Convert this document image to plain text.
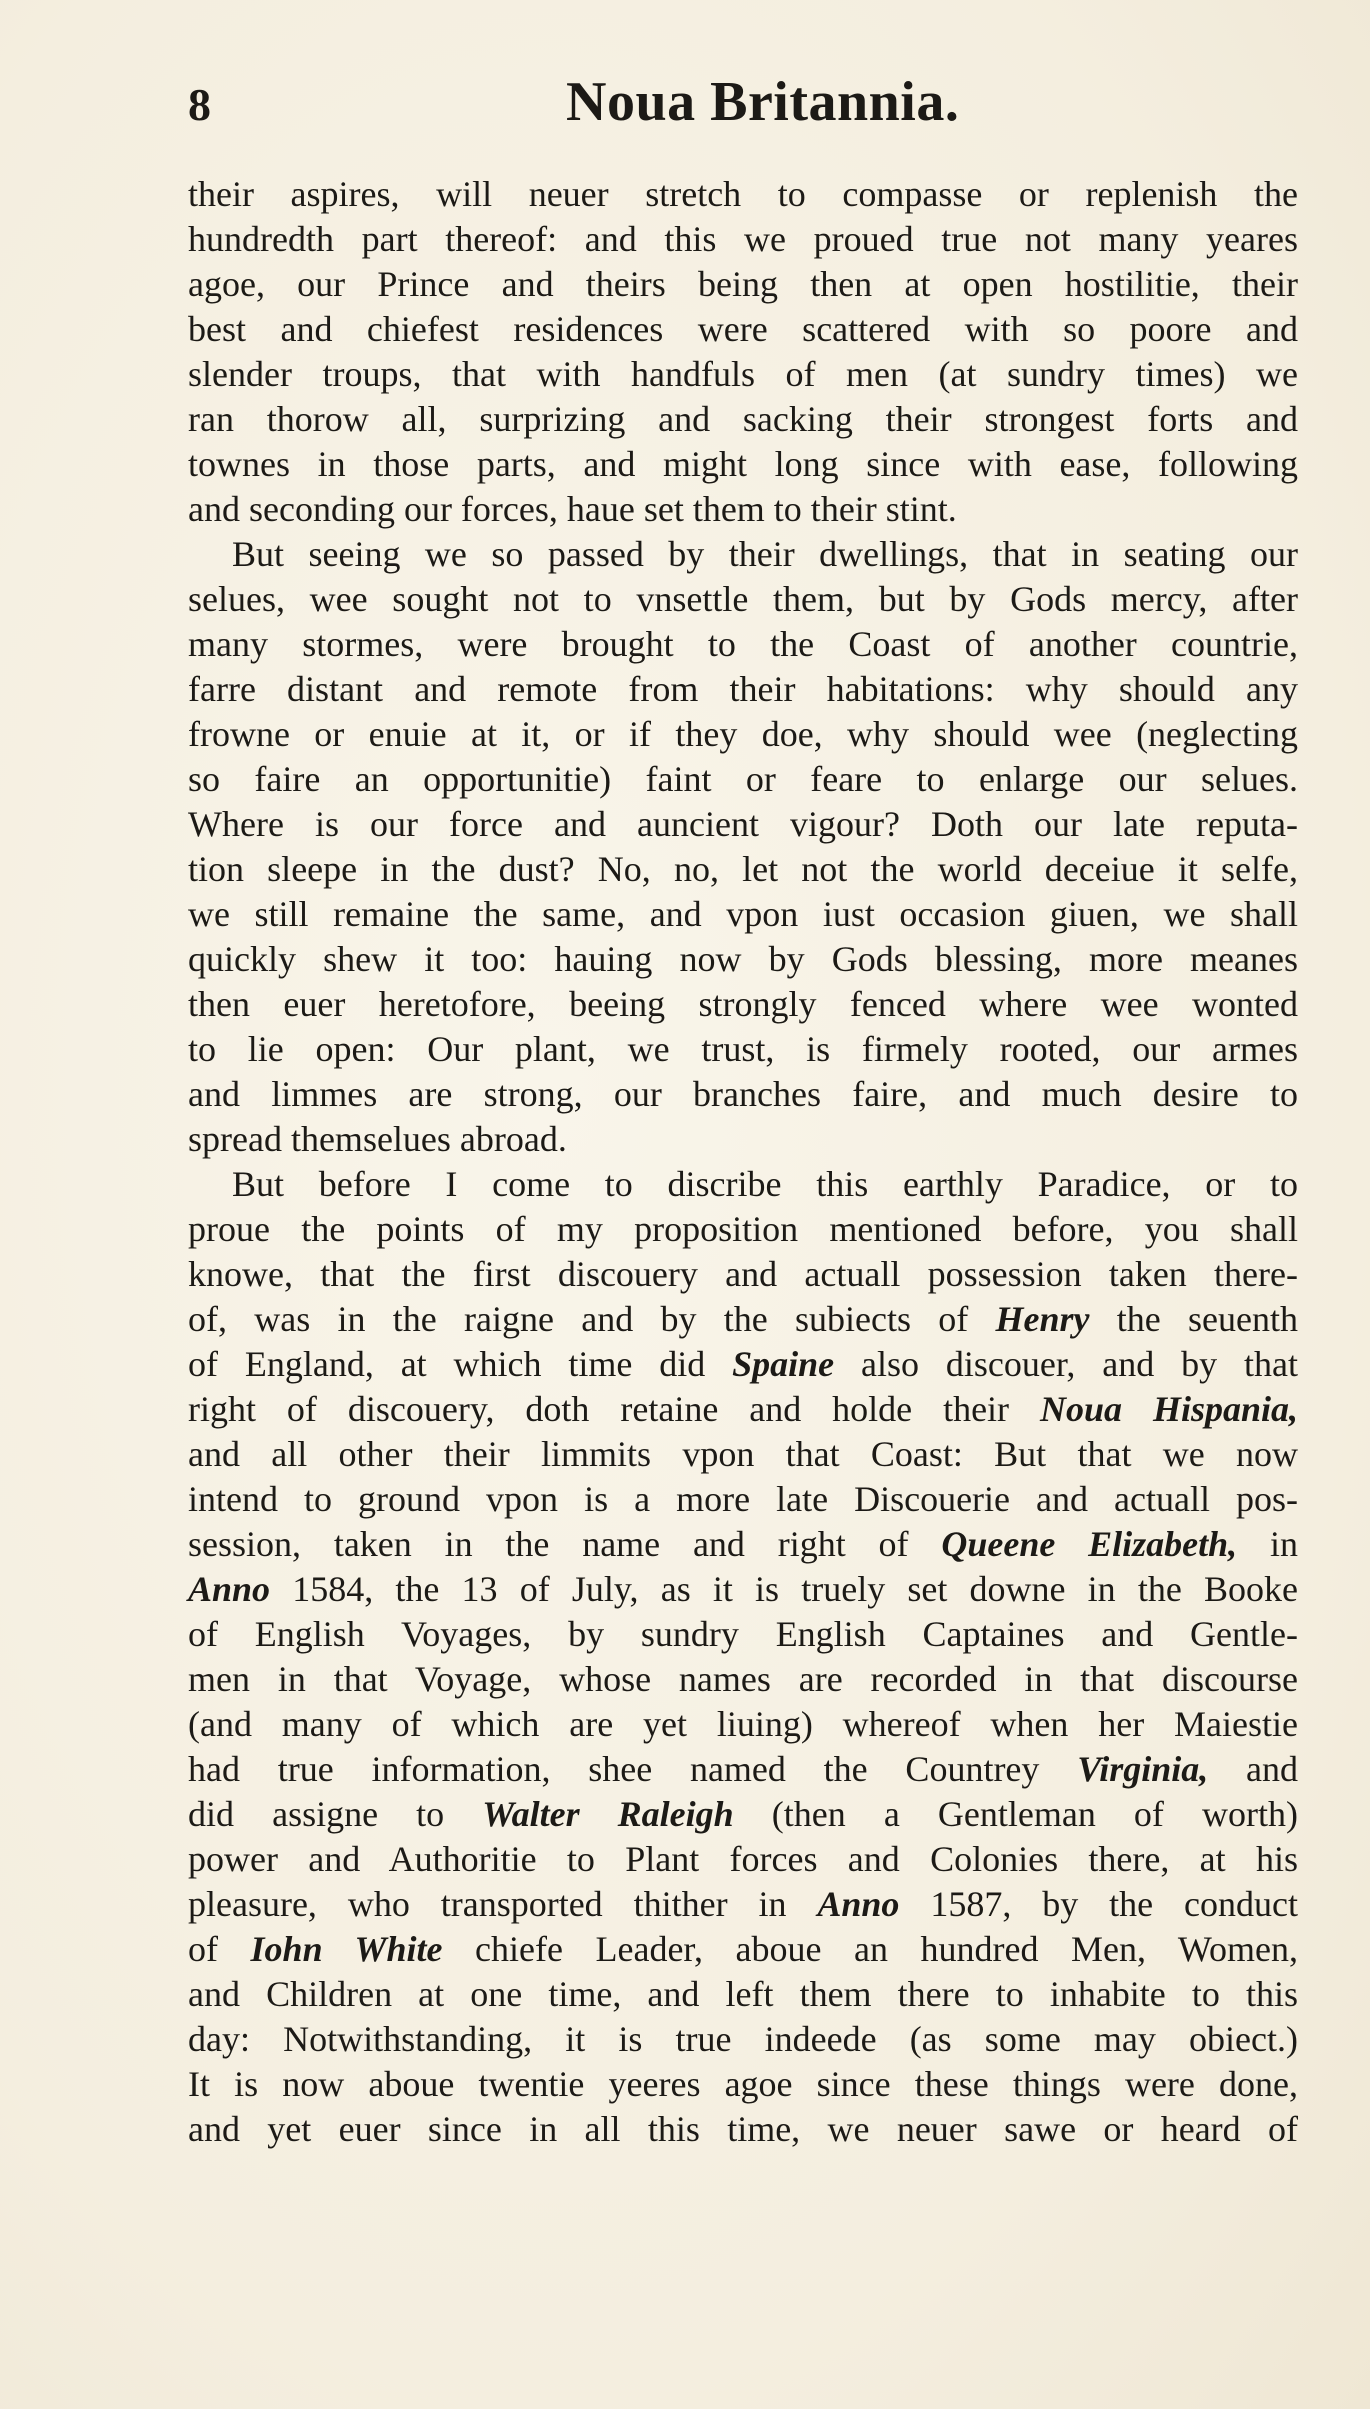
8	Noua Britannia.
their aspires, will neuer stretch to compasse or replenish the
hundredth part thereof: and this we proued true not many yeares
agoe, our Prince and theirs being then at open hostilitie, their
best and chiefest residences were scattered with so poore and
slender troups, that with handfuls of men (at sundry times) we
ran thorow all, surprizing and sacking their strongest forts and
townes in those parts, and might long since with ease, following
and seconding our forces, haue set them to their stint.
But seeing we so passed by their dwellings, that in seating our
selues, wee sought not to vnsettle them, but by Gods mercy, after
many stormes, were brought to the Coast of another countrie,
farre distant and remote from their habitations: why should any
frowne or enuie at it, or if they doe, why should wee (neglecting
so faire an opportunitie) faint or feare to enlarge our selues.
Where is our force and auncient vigour? Doth our late reputa-
tion sleepe in the dust? No, no, let not the world deceiue it selfe,
we still remaine the same, and vpon iust occasion giuen, we shall
quickly shew it too: hauing now by Gods blessing, more meanes
then euer heretofore, beeing strongly fenced where wee wonted
to lie open: Our plant, we trust, is firmely rooted, our armes
and limmes are strong, our branches faire, and much desire to
spread themselues abroad.
But before I come to discribe this earthly Paradice, or to
proue the points of my proposition mentioned before, you shall
knowe, that the first discouery and actuall possession taken there-
of, was in the raigne and by the subiects of Henry the seuenth
of England, at which time did Spaine also discouer, and by that
right of discouery, doth retaine and holde their Noua Hispania,
and all other their limmits vpon that Coast: But that we now
intend to ground vpon is a more late Discouerie and actuall pos-
session, taken in the name and right of Queene Elizabeth, in
Anno 1584, the 13 of July, as it is truely set downe in the Booke
of English Voyages, by sundry English Captaines and Gentle-
men in that Voyage, whose names are recorded in that discourse
(and many of which are yet liuing) whereof when her Maiestie
had true information, shee named the Countrey Virginia, and
did assigne to Walter Raleigh (then a Gentleman of worth)
power and Authoritie to Plant forces and Colonies there, at his
pleasure, who transported thither in Anno 1587, by the conduct
of Iohn White chiefe Leader, aboue an hundred Men, Women,
and Children at one time, and left them there to inhabite to this
day: Notwithstanding, it is true indeede (as some may obiect.)
It is now aboue twentie yeeres agoe since these things were done,
and yet euer since in all this time, we neuer sawe or heard of
